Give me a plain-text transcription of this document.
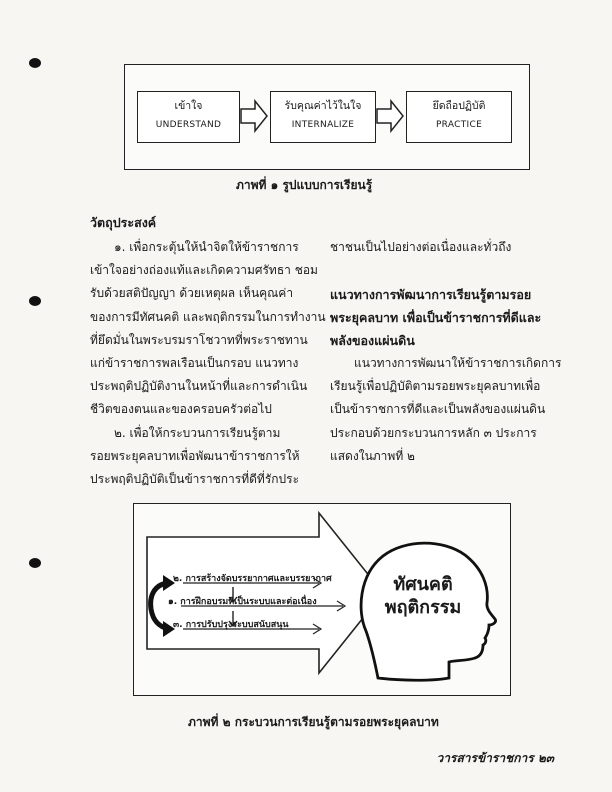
เข้าใจ
UNDERSTAND
รับคุณค่าไว้ในใจ
INTERNALIZE
ยึดถือปฏิบัติ
PRACTICE
ภาพที่ ๑ รูปแบบการเรียนรู้
วัตถุประสงค์
๑. เพื่อกระตุ้นให้นำจิตให้ข้าราชการ
เข้าใจอย่างถ่องแท้และเกิดความศรัทธา ชอม
รับด้วยสติปัญญา ด้วยเหตุผล เห็นคุณค่า
ของการมีทัศนคติ และพฤติกรรมในการทำงาน
ที่ยึดมั่นในพระบรมราโชวาทที่พระราชทาน
แก่ข้าราชการพลเรือนเป็นกรอบ แนวทาง
ประพฤติปฏิบัติงานในหน้าที่และการดำเนิน
ชีวิตของตนและของครอบครัวต่อไป
๒. เพื่อให้กระบวนการเรียนรู้ตาม
รอยพระยุคลบาทเพื่อพัฒนาข้าราชการให้
ประพฤติปฏิบัติเป็นข้าราชการที่ดีที่รักประ
ชาชนเป็นไปอย่างต่อเนื่องและทั่วถึง
แนวทางการพัฒนาการเรียนรู้ตามรอย
พระยุคลบาท เพื่อเป็นข้าราชการที่ดีและ
พลังของแผ่นดิน
แนวทางการพัฒนาให้ข้าราชการเกิดการ
เรียนรู้เพื่อปฏิบัติตามรอยพระยุคลบาทเพื่อ
เป็นข้าราชการที่ดีและเป็นพลังของแผ่นดิน
ประกอบด้วยกระบวนการหลัก ๓ ประการ
แสดงในภาพที่ ๒
๒. การสร้างจัดบรรยากาศและบรรยากาศ
๑. การฝึกอบรมที่เป็นระบบและต่อเนื่อง
๓. การปรับปรุงระบบสนับสนุน
ทัศนคติ
พฤติกรรม
ภาพที่ ๒ กระบวนการเรียนรู้ตามรอยพระยุคลบาท
วารสารข้าราชการ ๒๓
